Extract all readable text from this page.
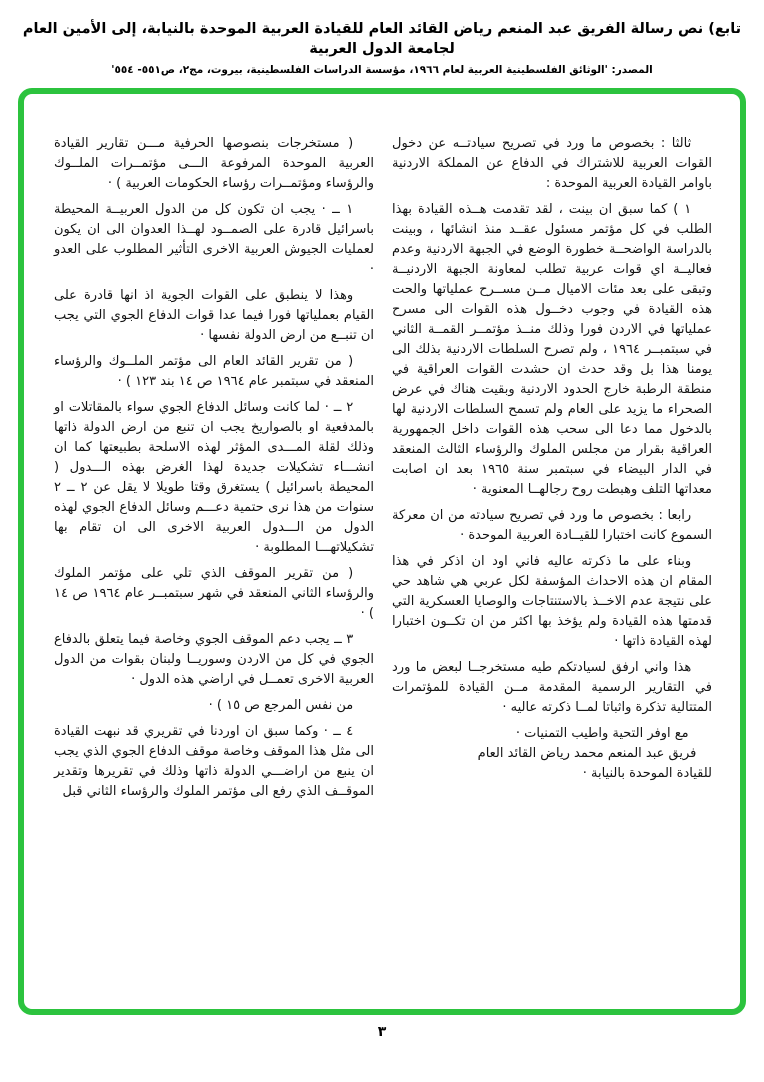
تابع) نص رسالة الفريق عبد المنعم رياض القائد العام للقيادة العربية الموحدة بالنيابة، إلى الأمين العام لجامعة الدول العربية
المصدر: 'الوثائق الفلسطينية العربية لعام ١٩٦٦، مؤسسة الدراسات الفلسطينية، بيروت، مج٢، ص٥٥١- ٥٥٤'

ثالثا : بخصوص ما ورد في تصريح سيادتــه عن دخول القوات العربية للاشتراك في الدفاع عن المملكة الاردنية باوامر القيادة العربية الموحدة :

١ ) كما سبق ان بينت ، لقد تقدمت هــذه القيادة بهذا الطلب في كل مؤتمر مسئول عقــد منذ انشائها ، وبينت بالدراسة الواضحــة خطورة الوضع في الجبهة الاردنية وعدم فعاليــة اي قوات عربية تطلب لمعاونة الجبهة الاردنيــة وتبقى على بعد مئات الاميال مــن مســرح عملياتها والحت هذه القيادة في وجوب دخــول هذه القوات الى مسرح عملياتها في الاردن فورا وذلك منــذ مؤتمــر القمــة الثاني في سبتمبــر ١٩٦٤ ، ولم تصرح السلطات الاردنية بذلك الى يومنا هذا بل وقد حدث ان حشدت القوات العراقية في منطقة الرطبة خارج الحدود الاردنية وبقيت هناك في عرض الصحراء ما يزيد على العام ولم تسمح السلطات الاردنية لها بالدخول مما دعا الى سحب هذه القوات داخل الجمهورية العراقية بقرار من مجلس الملوك والرؤساء الثالث المنعقد في الدار البيضاء في سبتمبر سنة ١٩٦٥ بعد ان اصابت معداتها التلف وهبطت روح رجالهــا المعنوية ·

رابعا : بخصوص ما ورد في تصريح سيادته من ان معركة السموع كانت اختبارا للقيــادة العربية الموحدة ·

وبناء على ما ذكرته عاليه فاني اود ان اذكر في هذا المقام ان هذه الاحداث المؤسفة لكل عربي هي شاهد حي على نتيجة عدم الاخــذ بالاستنتاجات والوصايا العسكرية التي قدمتها هذه القيادة ولم يؤخذ بها اكثر من ان تكــون اختبارا لهذه القيادة ذاتها ·

هذا واني ارفق لسيادتكم طيه مستخرجــا لبعض ما ورد في التقارير الرسمية المقدمة مــن القيادة للمؤتمرات المتتالية تذكرة واثباتا لمــا ذكرته عاليه ·

مع اوفر التحية واطيب التمنيات ·

فريق عبد المنعم محمد رياض القائد العام

للقيادة الموحدة بالنيابة ·

( مستخرجات بنصوصها الحرفية مـــن تقارير القيادة العربية الموحدة المرفوعة الـــى مؤتمــرات الملــوك والرؤساء ومؤتمــرات رؤساء الحكومات العربية ) ·

١ ــ · يجب ان تكون كل من الدول العربيــة المحيطة باسرائيل قادرة على الصمــود لهــذا العدوان الى ان يكون لعمليات الجيوش العربية الاخرى التأثير المطلوب على العدو ·

وهذا لا ينطبق على القوات الجوية اذ انها قادرة على القيام بعملياتها فورا فيما عدا قوات الدفاع الجوي التي يجب ان تنبــع من ارض الدولة نفسها ·

( من تقرير القائد العام الى مؤتمر الملــوك والرؤساء المنعقد في سبتمبر عام ١٩٦٤ ص ١٤ بند ١٢٣ ) ·

٢ ــ · لما كانت وسائل الدفاع الجوي سواء بالمقاتلات او بالمدفعية او بالصواريخ يجب ان تنبع من ارض الدولة ذاتها وذلك لقلة المـــدى المؤثر لهذه الاسلحة بطبيعتها كما ان انشـــاء تشكيلات جديدة لهذا الغرض بهذه الـــدول ( المحيطة باسرائيل ) يستغرق وقتا طويلا لا يقل عن ٢ ــ ٢ سنوات من هذا نرى حتمية دعـــم وسائل الدفاع الجوي لهذه الدول من الـــدول العربية الاخرى الى ان تقام بها تشكيلاتهـــا المطلوبة ·

( من تقرير الموقف الذي تلي على مؤتمر الملوك والرؤساء الثاني المنعقد في شهر سبتمبــر عام ١٩٦٤ ص ١٤ ) ·

٣ ــ يجب دعم الموقف الجوي وخاصة فيما يتعلق بالدفاع الجوي في كل من الاردن وسوريــا ولبنان بقوات من الدول العربية الاخرى تعمــل في اراضي هذه الدول ·

من نفس المرجع ص ١٥ ) ·

٤ ــ · وكما سبق ان اوردنا في تقريري قد نبهت القيادة الى مثل هذا الموقف وخاصة موقف الدفاع الجوي الذي يجب ان ينبع من اراضـــي الدولة ذاتها وذلك في تقريرها وتقدير الموقــف الذي رفع الى مؤتمر الملوك والرؤساء الثاني قبل

٣
